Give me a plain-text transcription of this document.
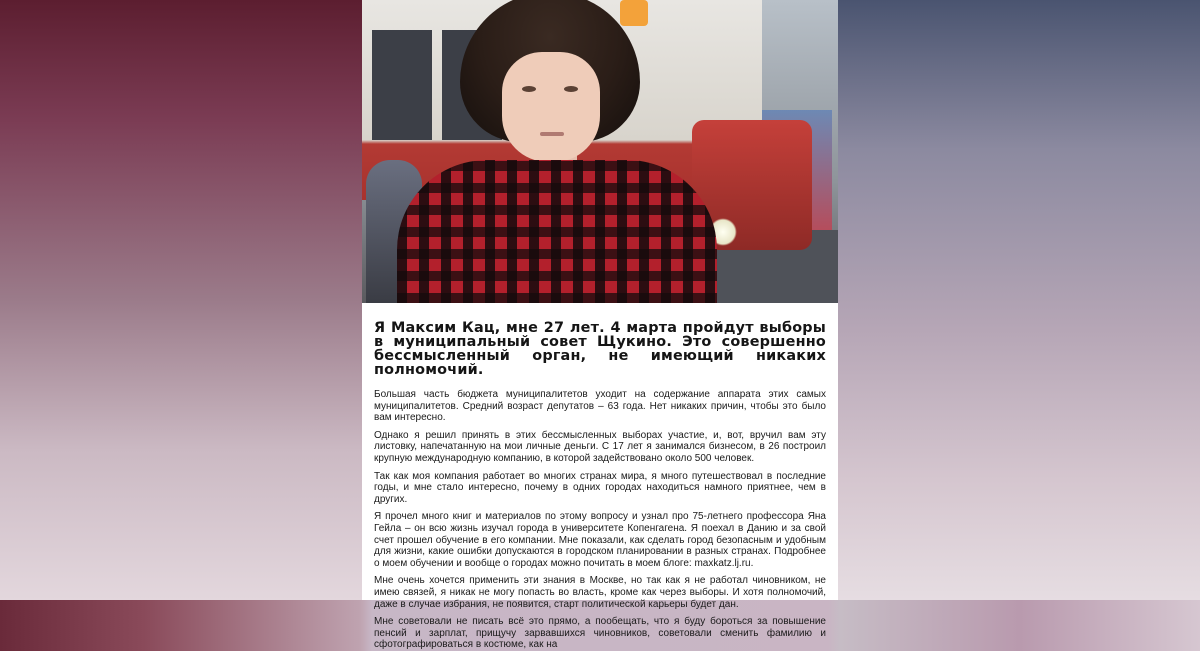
Я Максим Кац, мне 27 лет. 4 марта пройдут выборы в муниципальный совет Щукино. Это совершенно бессмысленный орган, не имеющий никаких полномочий.

Большая часть бюджета муниципалитетов уходит на содержание аппарата этих самых муниципалитетов. Средний возраст депутатов – 63 года. Нет никаких причин, чтобы это было вам интересно.

Однако я решил принять в этих бессмысленных выборах участие, и, вот, вручил вам эту листовку, напечатанную на мои личные деньги. С 17 лет я занимался бизнесом, в 26 построил крупную международную компанию, в которой задействовано около 500 человек.

Так как моя компания работает во многих странах мира, я много путешествовал в последние годы, и мне стало интересно, почему в одних городах находиться намного приятнее, чем в других.

Я прочел много книг и материалов по этому вопросу и узнал про 75-летнего профессора Яна Гейла – он всю жизнь изучал города в университете Копенгагена. Я поехал в Данию и за свой счет прошел обучение в его компании. Мне показали, как сделать город безопасным и удобным для жизни, какие ошибки допускаются в городском планировании в разных странах. Подробнее о моем обучении и вообще о городах можно почитать в моем блоге: maxkatz.lj.ru.

Мне очень хочется применить эти знания в Москве, но так как я не работал чиновником, не имею связей, я никак не могу попасть во власть, кроме как через выборы. И хотя полномочий, даже в случае избрания, не появится, старт политической карьеры будет дан.

Мне советовали не писать всё это прямо, а пообещать, что я буду бороться за повышение пенсий и зарплат, прищучу зарвавшихся чиновников, советовали сменить фамилию и сфотографироваться в костюме, как на
